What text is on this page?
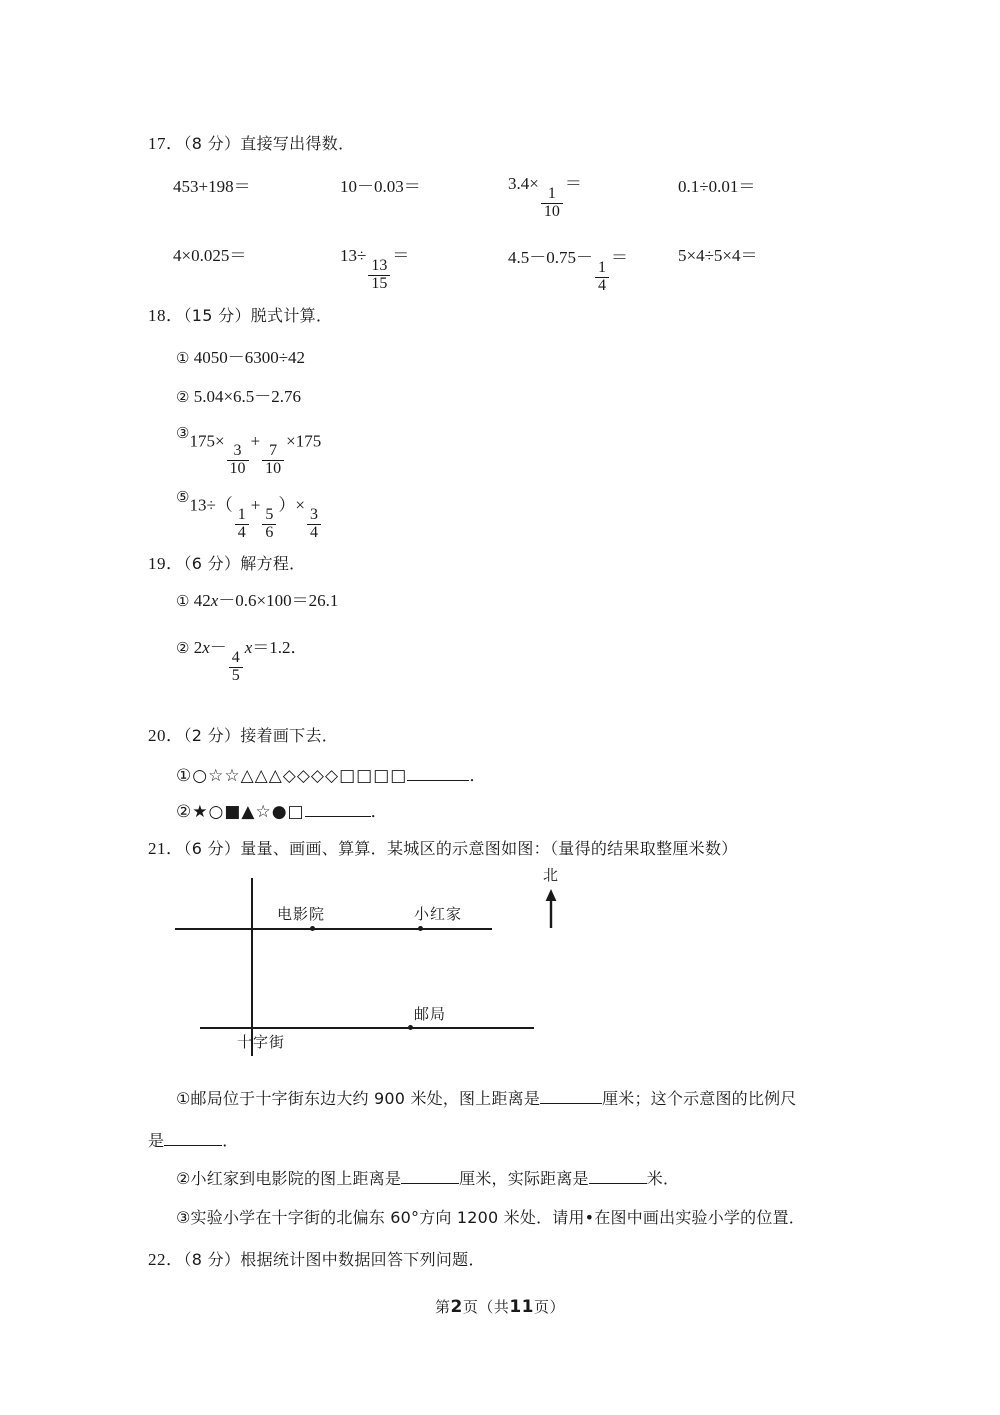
17．（8 分）直接写出得数．
453+198＝	10－0.03＝	3.4×
$\frac{1}{10}$
＝	0.1÷0.01＝
4×0.025＝	13÷
$\frac{13}{15}$
＝	4.5－0.75－
$\frac{1}{4}$
＝	5×4÷5×4＝
18．（15 分）脱式计算．
① 4050－6300÷42
② 5.04×6.5－2.76
③175×
$\frac{3}{10}$
+
$\frac{7}{10}$
×175
⑤13÷（
$\frac{1}{4}$
+
$\frac{5}{6}$
）×
$\frac{3}{4}$
19．（6 分）解方程．
① 42x－0.6×100＝26.1
② 2x－
$\frac{4}{5}$
x＝1.2．
20．（2 分）接着画下去．
①○☆☆△△△◇◇◇◇□□□□	．
②★○■▲☆●□	．
21．（6 分）量量、画画、算算．某城区的示意图如图：（量得的结果取整厘米数）
北
电影院	小红家
邮局
十字街
①邮局位于十字街东边大约 900 米处，图上距离是	厘米；这个示意图的比例尺
是	．
②小红家到电影院的图上距离是	厘米，实际距离是	米．
③实验小学在十字街的北偏东 60°方向 1200 米处．请用•在图中画出实验小学的位置．
22．（8 分）根据统计图中数据回答下列问题．
第2页（共11页）
